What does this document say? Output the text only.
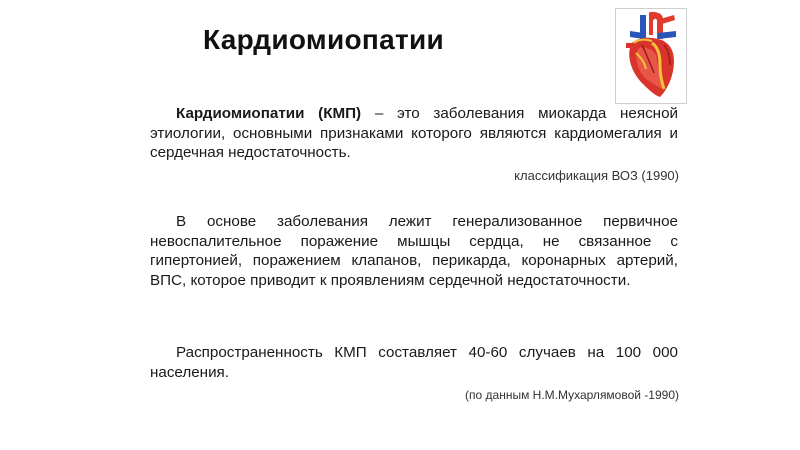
Кардиомиопатии
Кардиомиопатии (КМП) – это заболевания миокарда неясной этиологии, основными признаками которого являются кардиомегалия и сердечная недостаточность.
классификация ВОЗ (1990)
В основе заболевания лежит генерализованное первичное невоспалительное поражение мышцы сердца, не связанное с гипертонией, поражением клапанов, перикарда, коронарных артерий, ВПС, которое приводит к проявлениям сердечной недостаточности.
Распространенность КМП составляет 40-60 случаев на 100 000 населения.
(по данным Н.М.Мухарлямовой -1990)
